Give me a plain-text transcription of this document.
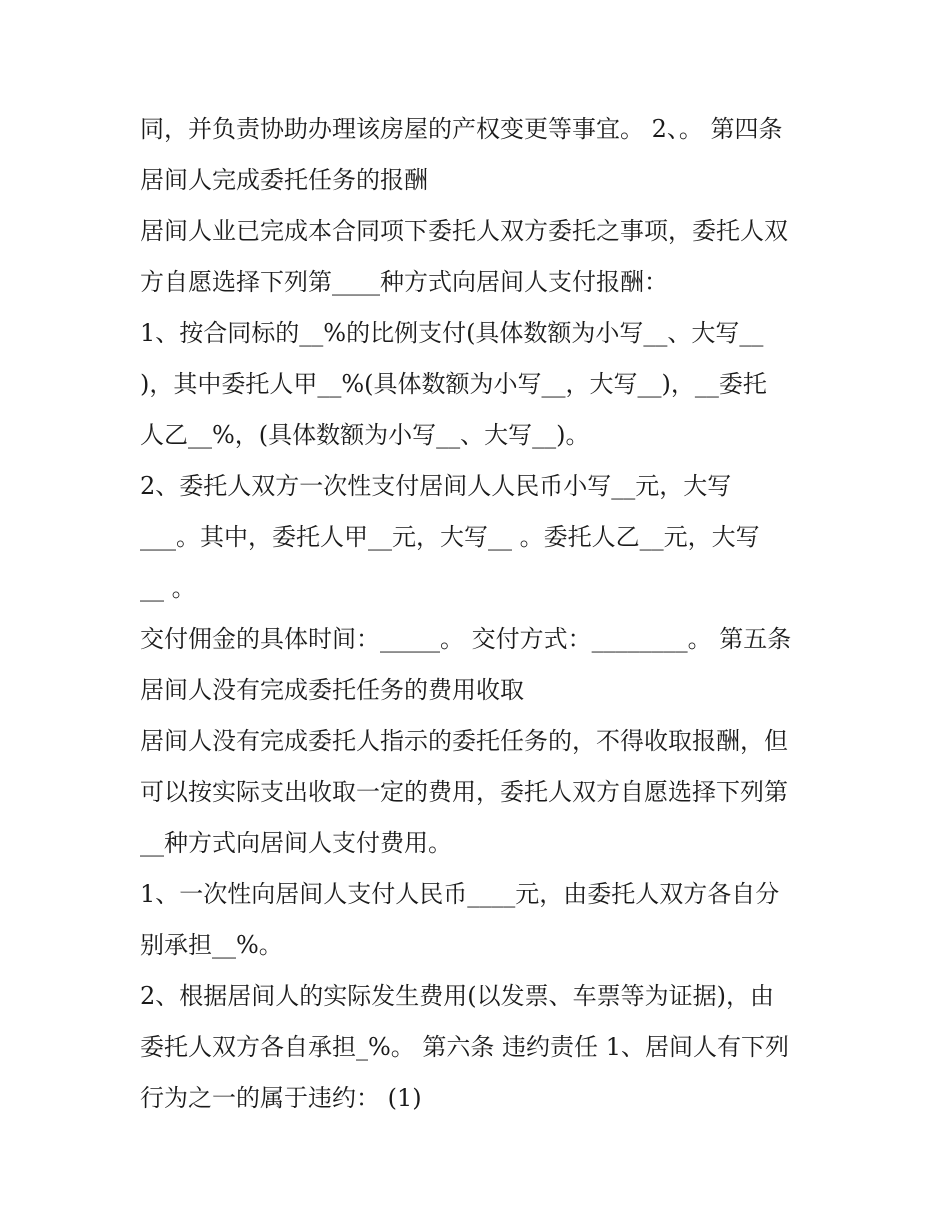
同，并负责协助办理该房屋的产权变更等事宜。 2、。 第四条
居间人完成委托任务的报酬
居间人业已完成本合同项下委托人双方委托之事项，委托人双
方自愿选择下列第____种方式向居间人支付报酬：
1、按合同标的__%的比例支付(具体数额为小写__、大写__
)，其中委托人甲__%(具体数额为小写__，大写__)，__委托
人乙__%，(具体数额为小写__、大写__)。
2、委托人双方一次性支付居间人人民币小写__元，大写
___。其中，委托人甲__元，大写__ 。委托人乙__元，大写
__ 。
交付佣金的具体时间：_____。 交付方式：________。 第五条
居间人没有完成委托任务的费用收取
居间人没有完成委托人指示的委托任务的，不得收取报酬，但
可以按实际支出收取一定的费用，委托人双方自愿选择下列第
__种方式向居间人支付费用。
1、一次性向居间人支付人民币____元，由委托人双方各自分
别承担__%。
2、根据居间人的实际发生费用(以发票、车票等为证据)，由
委托人双方各自承担_%。 第六条 违约责任 1、居间人有下列
行为之一的属于违约： (1)
